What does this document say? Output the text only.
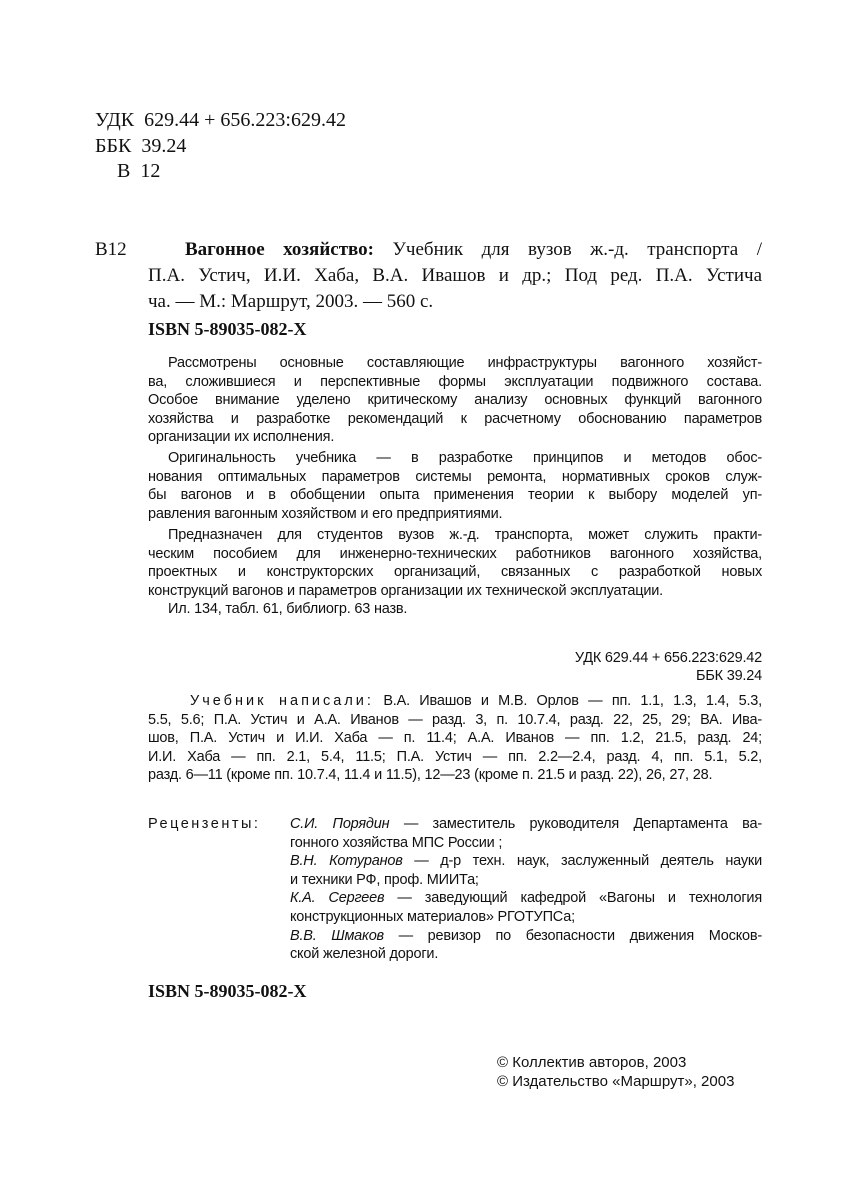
УДК 629.44 + 656.223:629.42
ББК 39.24
В 12
В12	Вагонное хозяйство: Учебник для вузов ж.-д. транспорта /
П.А. Устич, И.И. Хаба, В.А. Ивашов и др.; Под ред. П.А. Устичa
ча. — М.: Маршрут, 2003. — 560 с.
ISBN 5-89035-082-X
Рассмотрены основные составляющие инфраструктуры вагонного хозяйст-
ва, сложившиеся и перспективные формы эксплуатации подвижного состава.
Особое внимание уделено критическому анализу основных функций вагонного
хозяйства и разработке рекомендаций к расчетному обоснованию параметров
организации их исполнения.
Оригинальность учебника — в разработке принципов и методов обос-
нования оптимальных параметров системы ремонта, нормативных сроков служ-
бы вагонов и в обобщении опыта применения теории к выбору моделей уп-
равления вагонным хозяйством и его предприятиями.
Предназначен для студентов вузов ж.-д. транспорта, может служить практи-
ческим пособием для инженерно-технических работников вагонного хозяйства,
проектных и конструкторских организаций, связанных с разработкой новых
конструкций вагонов и параметров организации их технической эксплуатации.
Ил. 134, табл. 61, библиогр. 63 назв.
5.5, 5.6; П.А. Устич и А.А. Иванов — разд. 3, п. 10.7.4, разд. 22, 25, 29; ВА. Ива-
шов, П.А. Устич и И.И. Хаба — п. 11.4; А.А. Иванов — пп. 1.2, 21.5, разд. 24;
И.И. Хаба — пп. 2.1, 5.4, 11.5; П.А. Устич — пп. 2.2—2.4, разд. 4, пп. 5.1, 5.2,
разд. 6—11 (кроме пп. 10.7.4, 11.4 и 11.5), 12—23 (кроме п. 21.5 и разд. 22), 26, 27, 28.
С.И. Порядин — заместитель руководителя Департамента ва-
гонного хозяйства МПС России ;
В.Н. Котуранов — д-р техн. наук, заслуженный деятель науки
и техники РФ, проф. МИИТа;
К.А. Сергеев — заведующий кафедрой «Вагоны и технология
конструкционных материалов» РГОТУПСа;
В.В. Шмаков — ревизор по безопасности движения Москов-
ской железной дороги.
УДК 629.44 + 656.223:629.42
ББК 39.24
Учебник написали: В.А. Ивашов и М.В. Орлов — пп. 1.1, 1.3, 1.4, 5.3,
Рецензенты:
ISBN 5-89035-082-X
© Коллектив авторов, 2003
© Издательство «Маршрут», 2003
